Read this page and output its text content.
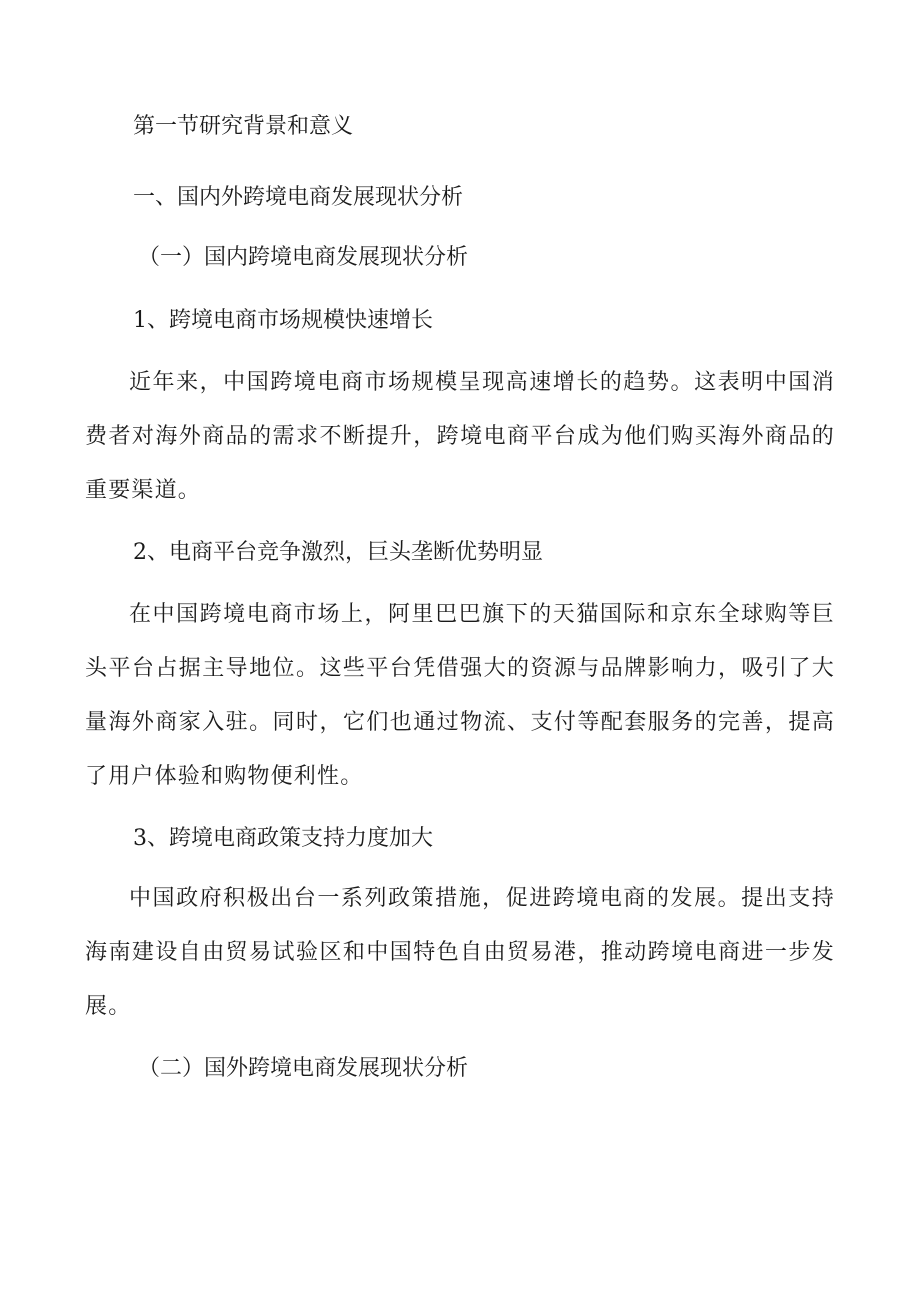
第一节研究背景和意义
一、国内外跨境电商发展现状分析
（一）国内跨境电商发展现状分析
1、跨境电商市场规模快速增长

近年来，中国跨境电商市场规模呈现高速增长的趋势。这表明中国消费者对海外商品的需求不断提升，跨境电商平台成为他们购买海外商品的重要渠道。

2、电商平台竞争激烈，巨头垄断优势明显

在中国跨境电商市场上，阿里巴巴旗下的天猫国际和京东全球购等巨头平台占据主导地位。这些平台凭借强大的资源与品牌影响力，吸引了大量海外商家入驻。同时，它们也通过物流、支付等配套服务的完善，提高了用户体验和购物便利性。

3、跨境电商政策支持力度加大

中国政府积极出台一系列政策措施，促进跨境电商的发展。提出支持海南建设自由贸易试验区和中国特色自由贸易港，推动跨境电商进一步发展。

（二）国外跨境电商发展现状分析
